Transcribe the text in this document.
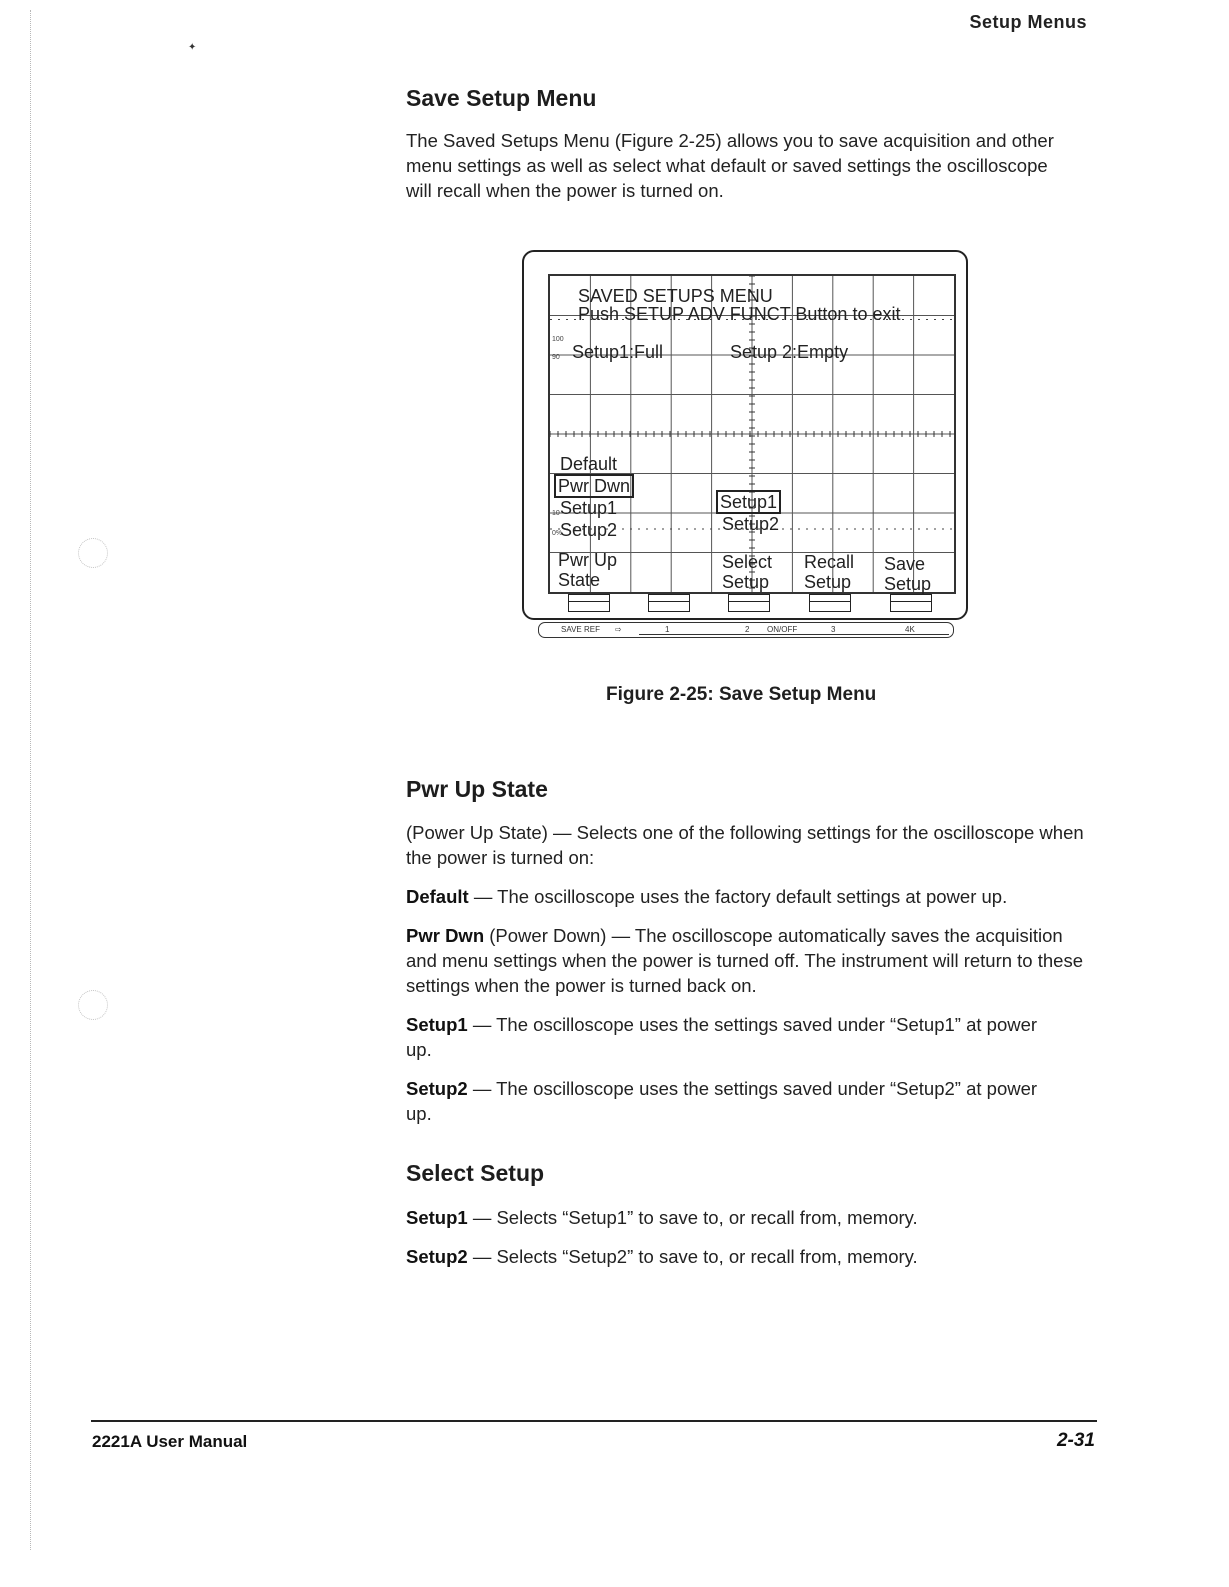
✦
Setup Menus
Save Setup Menu

The Saved Setups Menu (Figure 2-25) allows you to save acquisition and other menu settings as well as select what default or saved settings the oscilloscope will recall when the power is turned on.

SAVED SETUPS MENU
Push SETUP ADV FUNCT Button to exit
100
90
10
0%
Setup1:Full	Setup 2:Empty
Default
Pwr Dwn
Setup1
Setup2
Setup1
Setup2
Pwr Up
State
Select
Setup
Recall
Setup
Save
Setup
SAVE REF ⇨	1	2 ON/OFF	3	4K
Figure 2-25: Save Setup Menu
Pwr Up State

(Power Up State) — Selects one of the following settings for the oscilloscope when the power is turned on:

Default — The oscilloscope uses the factory default settings at power up.

Pwr Dwn (Power Down) — The oscilloscope automatically saves the acquisition and menu settings when the power is turned off. The instrument will return to these settings when the power is turned back on.

Setup1 — The oscilloscope uses the settings saved under “Setup1” at power up.

Setup2 — The oscilloscope uses the settings saved under “Setup2” at power up.

Select Setup

Setup1 — Selects “Setup1” to save to, or recall from, memory.

Setup2 — Selects “Setup2” to save to, or recall from, memory.

2221A User Manual	2-31
